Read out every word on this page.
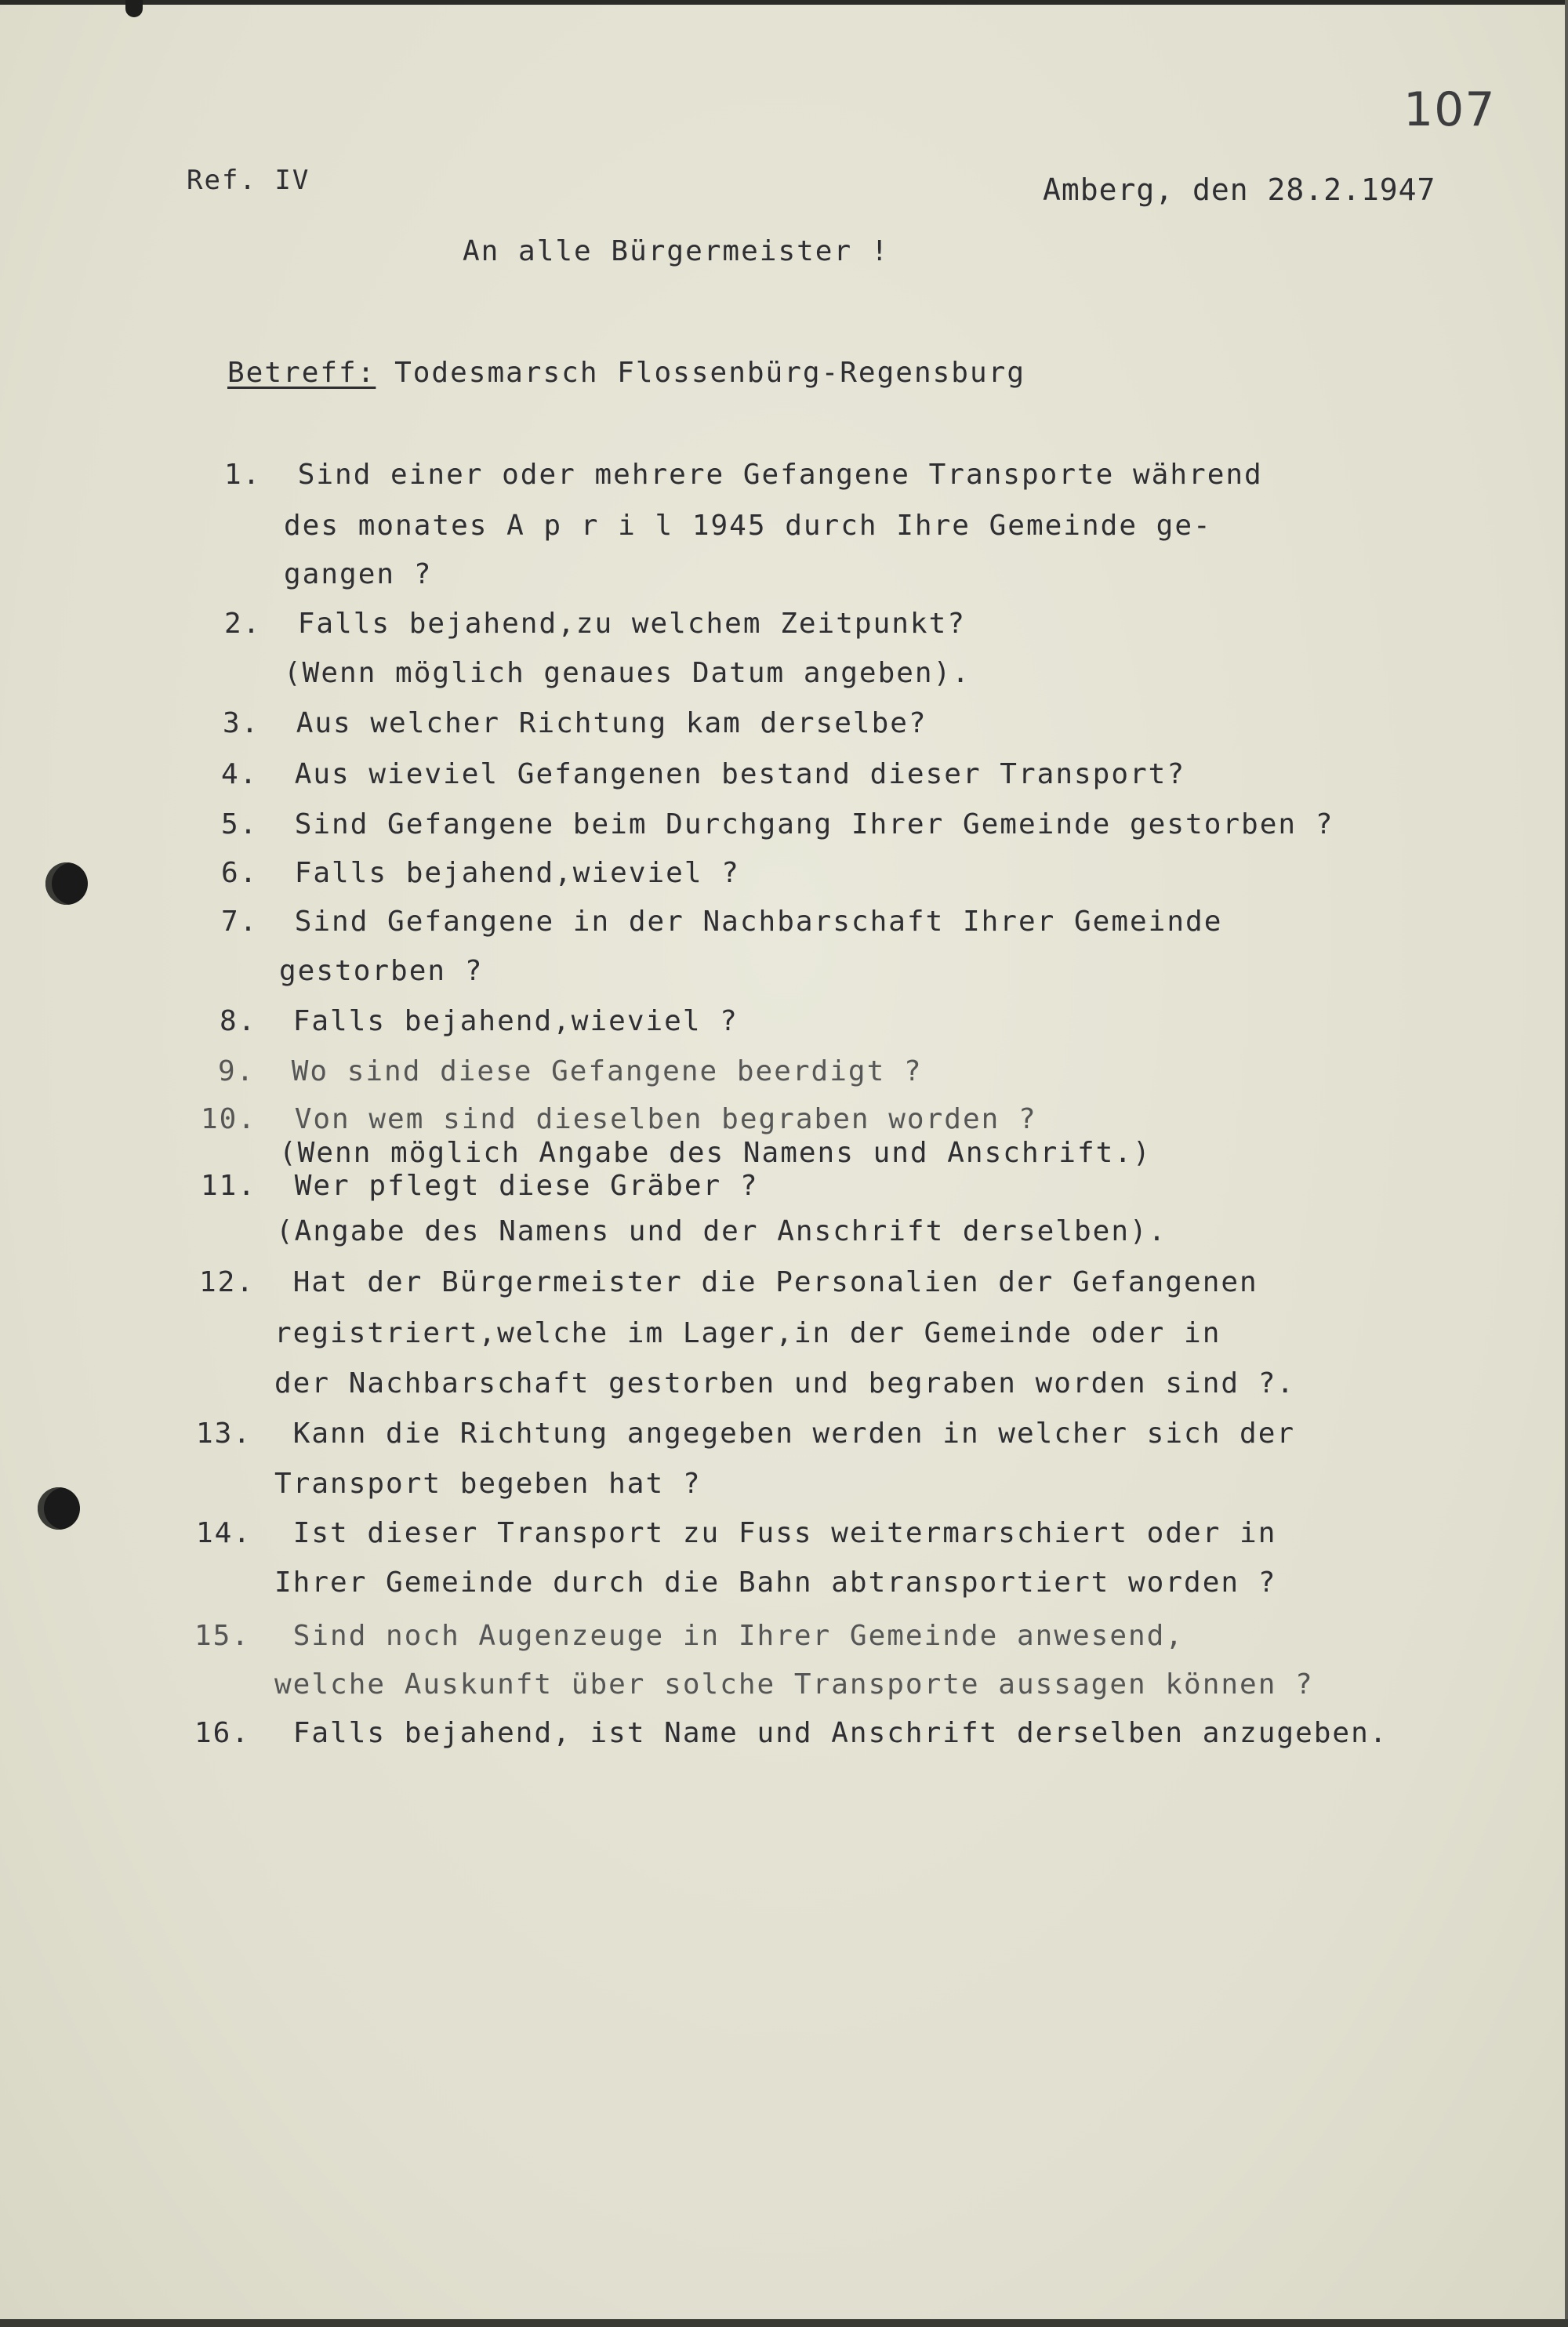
107
Ref. IV	Amberg, den 28.2.1947
An alle Bürgermeister !
Betreff: Todesmarsch Flossenbürg-Regensburg
1. Sind einer oder mehrere Gefangene Transporte während
des monates A p r i l 1945 durch Ihre Gemeinde ge-
gangen ?
2. Falls bejahend,zu welchem Zeitpunkt?
(Wenn möglich genaues Datum angeben).
3. Aus welcher Richtung kam derselbe?
4. Aus wieviel Gefangenen bestand dieser Transport?
5. Sind Gefangene beim Durchgang Ihrer Gemeinde gestorben ?
6. Falls bejahend,wieviel ?
7. Sind Gefangene in der Nachbarschaft Ihrer Gemeinde
gestorben ?
8. Falls bejahend,wieviel ?
9. Wo sind diese Gefangene beerdigt ?
10. Von wem sind dieselben begraben worden ?
(Wenn möglich Angabe des Namens und Anschrift.)
11. Wer pflegt diese Gräber ?
(Angabe des Namens und der Anschrift derselben).
12. Hat der Bürgermeister die Personalien der Gefangenen
registriert,welche im Lager,in der Gemeinde oder in
der Nachbarschaft gestorben und begraben worden sind ?.
13. Kann die Richtung angegeben werden in welcher sich der
Transport begeben hat ?
14. Ist dieser Transport zu Fuss weitermarschiert oder in
Ihrer Gemeinde durch die Bahn abtransportiert worden ?
15. Sind noch Augenzeuge in Ihrer Gemeinde anwesend,
welche Auskunft über solche Transporte aussagen können ?
16. Falls bejahend, ist Name und Anschrift derselben anzugeben.
